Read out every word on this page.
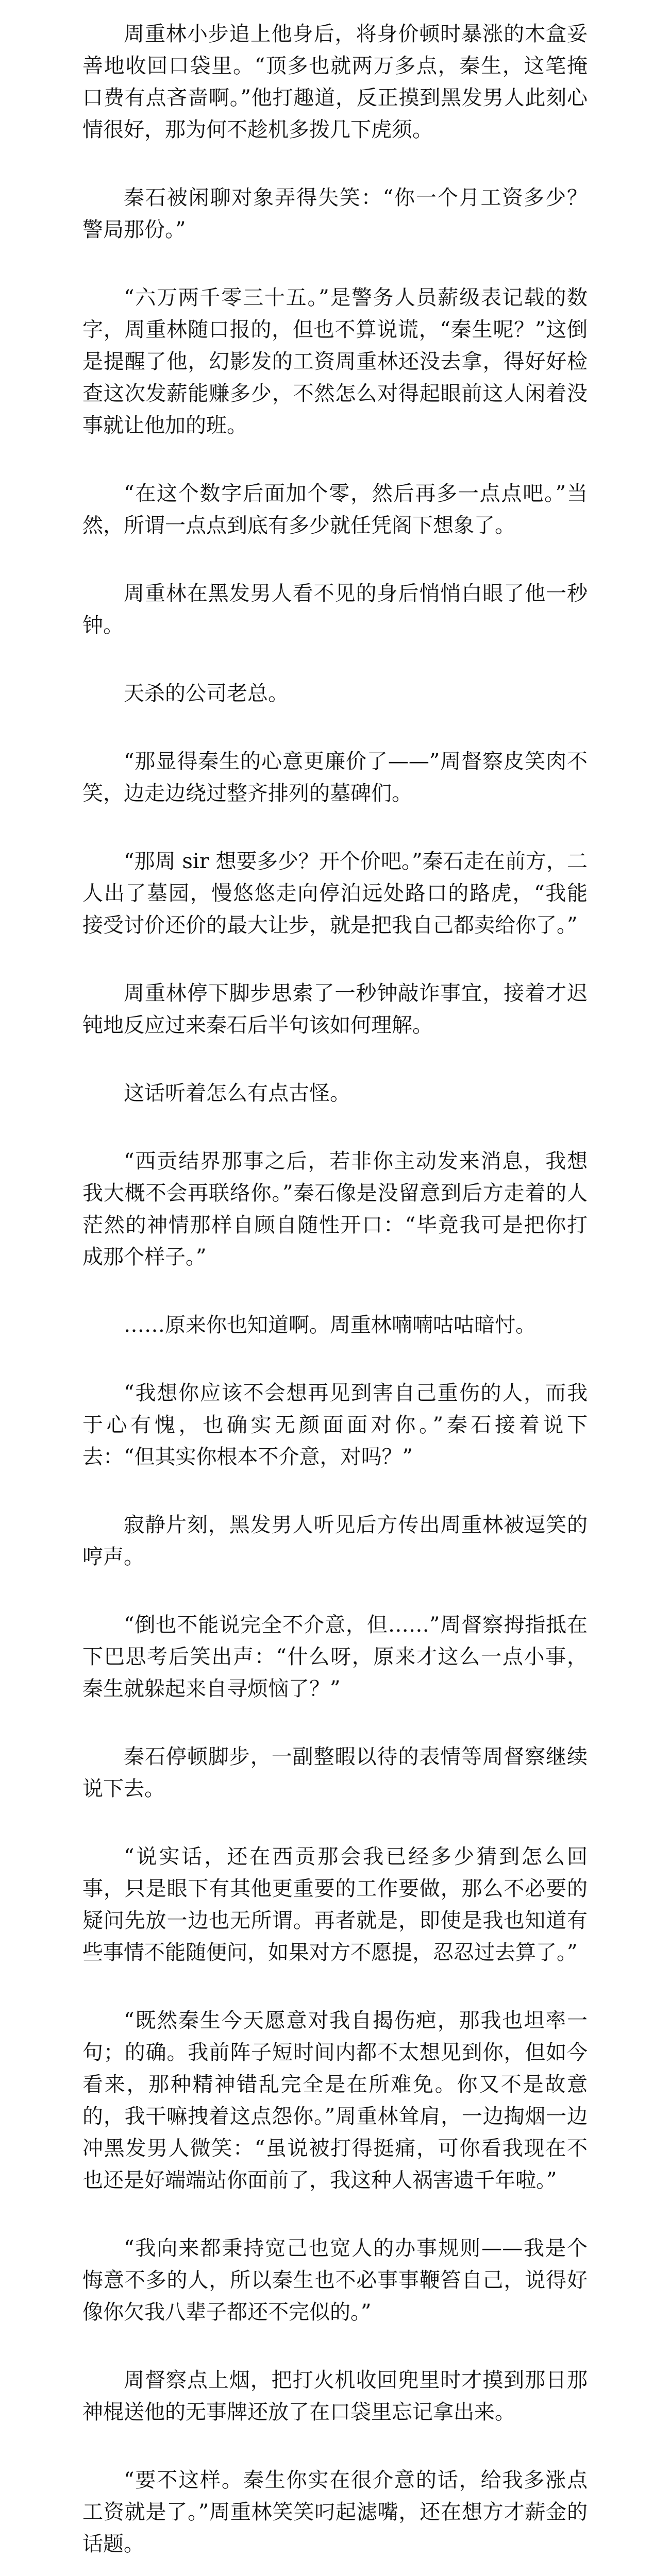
周重林小步追上他身后，将身价顿时暴涨的木盒妥善地收回口袋里。“顶多也就两万多点，秦生，这笔掩口费有点吝啬啊。”他打趣道，反正摸到黑发男人此刻心情很好，那为何不趁机多拨几下虎须。

秦石被闲聊对象弄得失笑：“你一个月工资多少？警局那份。”

“六万两千零三十五。”是警务人员薪级表记载的数字，周重林随口报的，但也不算说谎，“秦生呢？”这倒是提醒了他，幻影发的工资周重林还没去拿，得好好检查这次发薪能赚多少，不然怎么对得起眼前这人闲着没事就让他加的班。

“在这个数字后面加个零，然后再多一点点吧。”当然，所谓一点点到底有多少就任凭阁下想象了。

周重林在黑发男人看不见的身后悄悄白眼了他一秒钟。

天杀的公司老总。

“那显得秦生的心意更廉价了——”周督察皮笑肉不笑，边走边绕过整齐排列的墓碑们。

“那周 sir 想要多少？开个价吧。”秦石走在前方，二人出了墓园，慢悠悠走向停泊远处路口的路虎，“我能接受讨价还价的最大让步，就是把我自己都卖给你了。”

周重林停下脚步思索了一秒钟敲诈事宜，接着才迟钝地反应过来秦石后半句该如何理解。

这话听着怎么有点古怪。

“西贡结界那事之后，若非你主动发来消息，我想我大概不会再联络你。”秦石像是没留意到后方走着的人茫然的神情那样自顾自随性开口：“毕竟我可是把你打成那个样子。”

……原来你也知道啊。周重林喃喃咕咕暗忖。

“我想你应该不会想再见到害自己重伤的人，而我于心有愧，也确实无颜面面对你。”秦石接着说下去：“但其实你根本不介意，对吗？”

寂静片刻，黑发男人听见后方传出周重林被逗笑的哼声。

“倒也不能说完全不介意，但……”周督察拇指抵在下巴思考后笑出声：“什么呀，原来才这么一点小事，秦生就躲起来自寻烦恼了？”

秦石停顿脚步，一副整暇以待的表情等周督察继续说下去。

“说实话，还在西贡那会我已经多少猜到怎么回事，只是眼下有其他更重要的工作要做，那么不必要的疑问先放一边也无所谓。再者就是，即使是我也知道有些事情不能随便问，如果对方不愿提，忍忍过去算了。”

“既然秦生今天愿意对我自揭伤疤，那我也坦率一句；的确。我前阵子短时间内都不太想见到你，但如今看来，那种精神错乱完全是在所难免。你又不是故意的，我干嘛拽着这点怨你。”周重林耸肩，一边掏烟一边冲黑发男人微笑：“虽说被打得挺痛，可你看我现在不也还是好端端站你面前了，我这种人祸害遗千年啦。”

“我向来都秉持宽己也宽人的办事规则——我是个悔意不多的人，所以秦生也不必事事鞭笞自己，说得好像你欠我八辈子都还不完似的。”

周督察点上烟，把打火机收回兜里时才摸到那日那神棍送他的无事牌还放了在口袋里忘记拿出来。

“要不这样。秦生你实在很介意的话，给我多涨点工资就是了。”周重林笑笑叼起滤嘴，还在想方才薪金的话题。
